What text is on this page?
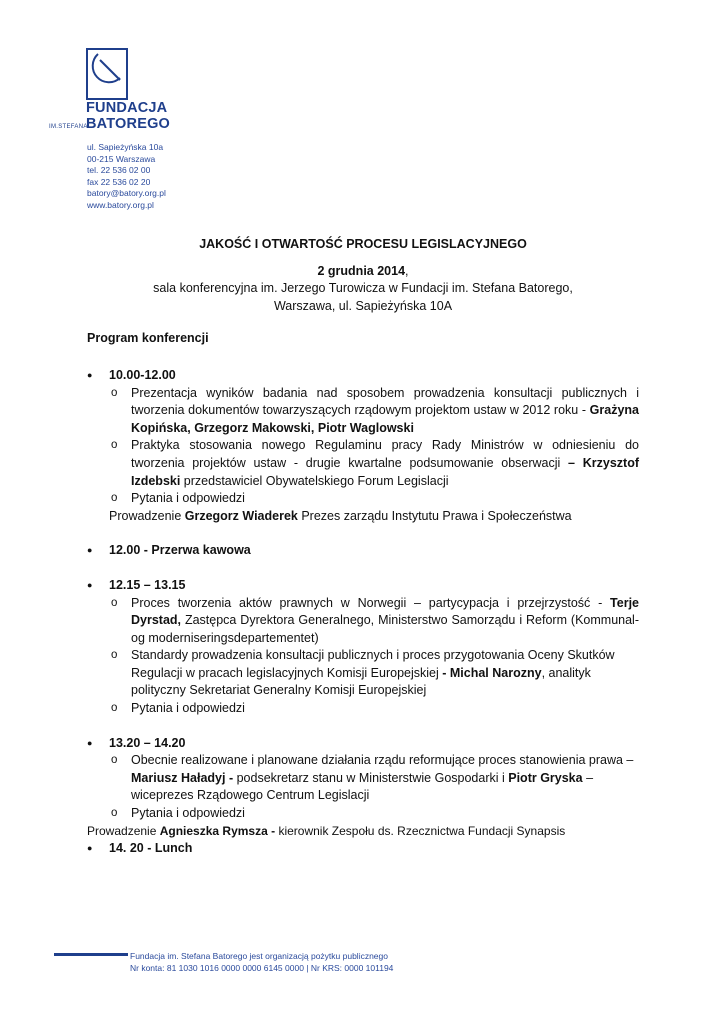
FUNDACJA
IM.STEFANA
BATOREGO
ul. Sapieżyńska 10a
00-215 Warszawa
tel. 22 536 02 00
fax 22 536 02 20
batory@batory.org.pl
www.batory.org.pl

JAKOŚĆ I OTWARTOŚĆ PROCESU LEGISLACYJNEGO

2 grudnia 2014,
sala konferencyjna im. Jerzego Turowicza w Fundacji im. Stefana Batorego,
Warszawa, ul. Sapieżyńska 10A
Program konferencji
● 10.00-12.00
o Prezentacja wyników badania nad sposobem prowadzenia konsultacji publicznych i tworzenia dokumentów towarzyszących rządowym projektom ustaw w 2012 roku - Grażyna Kopińska, Grzegorz Makowski, Piotr Waglowski
o Praktyka stosowania nowego Regulaminu pracy Rady Ministrów w odniesieniu do tworzenia projektów ustaw - drugie kwartalne podsumowanie obserwacji – Krzysztof Izdebski przedstawiciel Obywatelskiego Forum Legislacji
o Pytania i odpowiedzi
Prowadzenie Grzegorz Wiaderek Prezes zarządu Instytutu Prawa i Społeczeństwa
● 12.00 - Przerwa kawowa
● 12.15 – 13.15
o Proces tworzenia aktów prawnych w Norwegii – partycypacja i przejrzystość - Terje Dyrstad, Zastępca Dyrektora Generalnego, Ministerstwo Samorządu i Reform (Kommunal-og moderniseringsdepartementet)
o Standardy prowadzenia konsultacji publicznych i proces przygotowania Oceny Skutków Regulacji w pracach legislacyjnych Komisji Europejskiej - Michal Narozny, analityk polityczny Sekretariat Generalny Komisji Europejskiej
o Pytania i odpowiedzi
● 13.20 – 14.20
o Obecnie realizowane i planowane działania rządu reformujące proces stanowienia prawa – Mariusz Haładyj - podsekretarz stanu w Ministerstwie Gospodarki i Piotr Gryska – wiceprezes Rządowego Centrum Legislacji
o Pytania i odpowiedzi
Prowadzenie Agnieszka Rymsza - kierownik Zespołu ds. Rzecznictwa Fundacji Synapsis
● 14. 20 - Lunch
Fundacja im. Stefana Batorego jest organizacją pożytku publicznego
Nr konta: 81 1030 1016 0000 0000 6145 0000 | Nr KRS: 0000 101194
